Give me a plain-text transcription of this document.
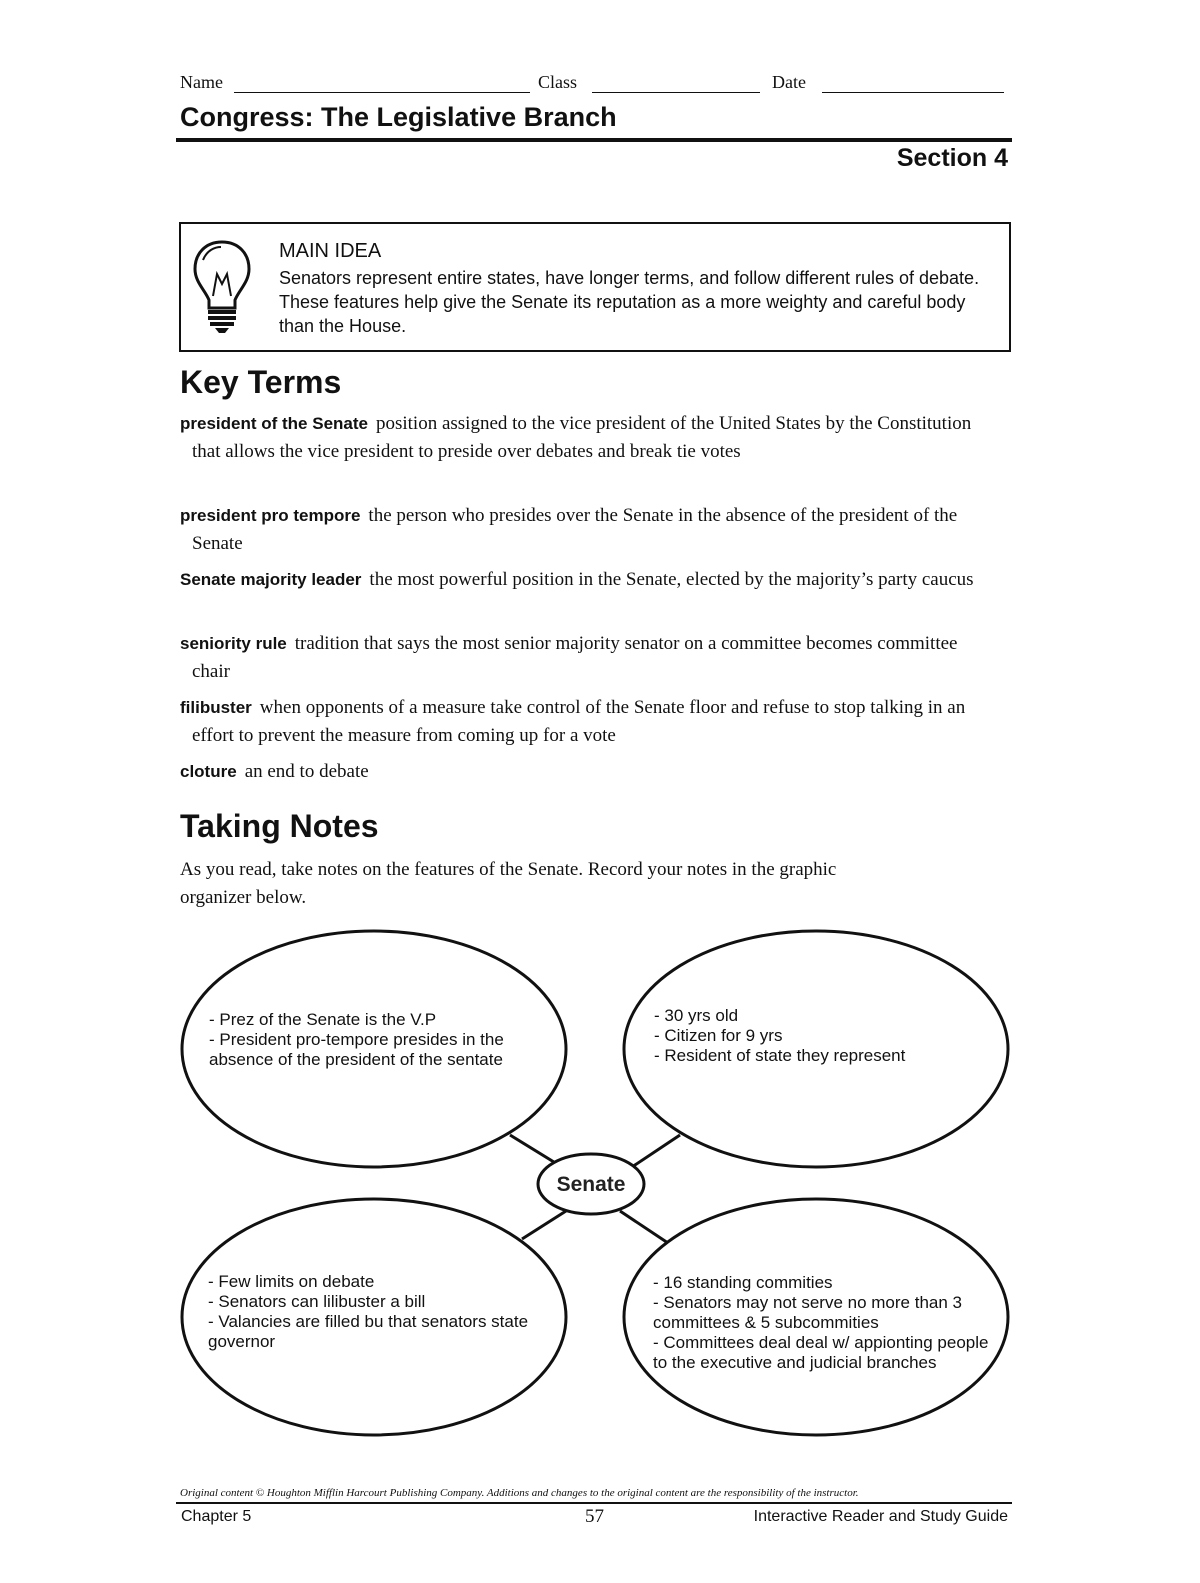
Name	Class	Date
Congress: The Legislative Branch
Section 4
MAIN IDEA
Senators represent entire states, have longer terms, and follow different rules of debate. These features help give the Senate its reputation as a more weighty and careful body than the House.
Key Terms
president of the Senate position assigned to the vice president of the United States by the Constitution that allows the vice president to preside over debates and break tie votes
president pro tempore the person who presides over the Senate in the absence of the president of the Senate
Senate majority leader the most powerful position in the Senate, elected by the majority’s party caucus
seniority rule tradition that says the most senior majority senator on a committee becomes committee chair
filibuster when opponents of a measure take control of the Senate floor and refuse to stop talking in an effort to prevent the measure from coming up for a vote
cloture an end to debate
Taking Notes
As you read, take notes on the features of the Senate. Record your notes in the graphic organizer below.
Senate
- Prez of the Senate is the V.P
- President pro-tempore presides in the absence of the president of the sentate
- 30 yrs old
- Citizen for 9 yrs
- Resident of state they represent
- Few limits on debate
- Senators can lilibuster a bill
- Valancies are filled bu that senators state governor
- 16 standing commities
- Senators may not serve no more than 3 committees & 5 subcommities
- Committees deal deal w/ appionting people to the executive and judicial branches
Original content © Houghton Mifflin Harcourt Publishing Company. Additions and changes to the original content are the responsibility of the instructor.
Chapter 5	57	Interactive Reader and Study Guide
